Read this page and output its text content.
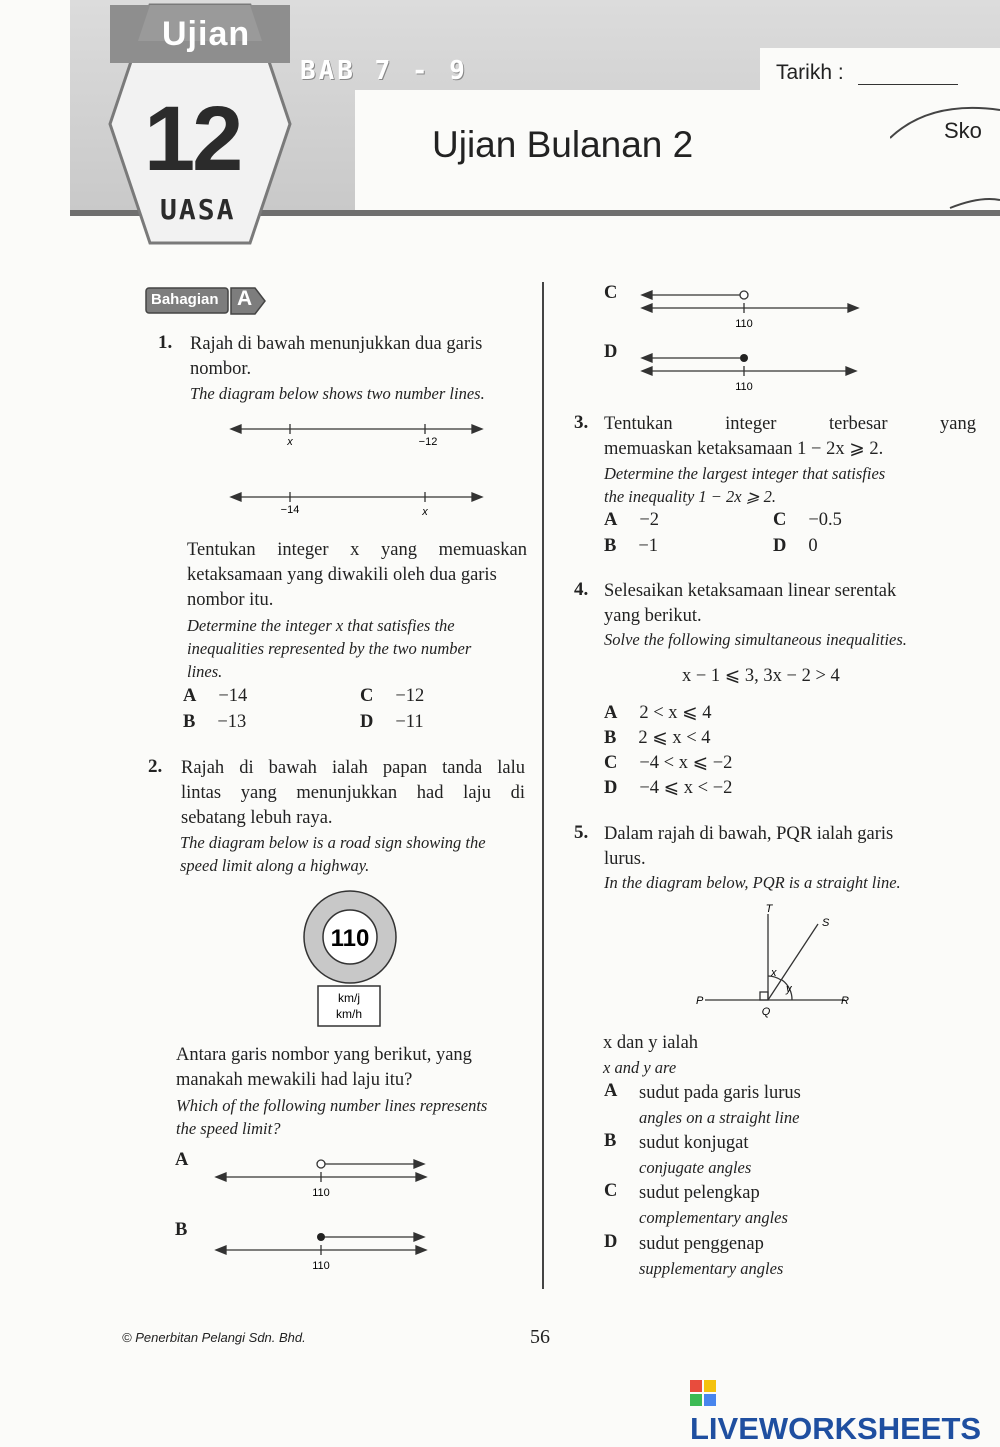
Ujian
12
UASA
BAB 7 - 9	Tarikh :
Ujian Bulanan 2	Sko
Bahagian A
1. Rajah di bawah menunjukkan dua garis
nombor.
The diagram below shows two number lines.
x	−12
−14	x
Tentukan integer x yang memuaskan
ketaksamaan yang diwakili oleh dua garis
nombor itu.
Determine the integer x that satisfies the
inequalities represented by the two number
lines.
A −14	C −12
B −13	D −11
2. Rajah di bawah ialah papan tanda lalu
lintas yang menunjukkan had laju di
sebatang lebuh raya.
The diagram below is a road sign showing the
speed limit along a highway.
110
km/j
km/h
Antara garis nombor yang berikut, yang
manakah mewakili had laju itu?
Which of the following number lines represents
the speed limit?
A
110
B
110
C
110
D
110
3. Tentukan integer terbesar yang
memuaskan ketaksamaan 1 − 2x ⩾ 2.
Determine the largest integer that satisfies
the inequality 1 − 2x ⩾ 2.
A −2	C −0.5
B −1	D 0
4. Selesaikan ketaksamaan linear serentak
yang berikut.
Solve the following simultaneous inequalities.
x − 1 ⩽ 3, 3x − 2 > 4
A 2 < x ⩽ 4
B 2 ⩽ x < 4
C −4 < x ⩽ −2
D −4 ⩽ x < −2
5. Dalam rajah di bawah, PQR ialah garis
lurus.
In the diagram below, PQR is a straight line.
T
S
P
Q
R
x
y
x dan y ialah
x and y are
A sudut pada garis lurus
angles on a straight line
B sudut konjugat
conjugate angles
C sudut pelengkap
complementary angles
D sudut penggenap
supplementary angles
© Penerbitan Pelangi Sdn. Bhd.	56
LIVEWORKSHEETS
